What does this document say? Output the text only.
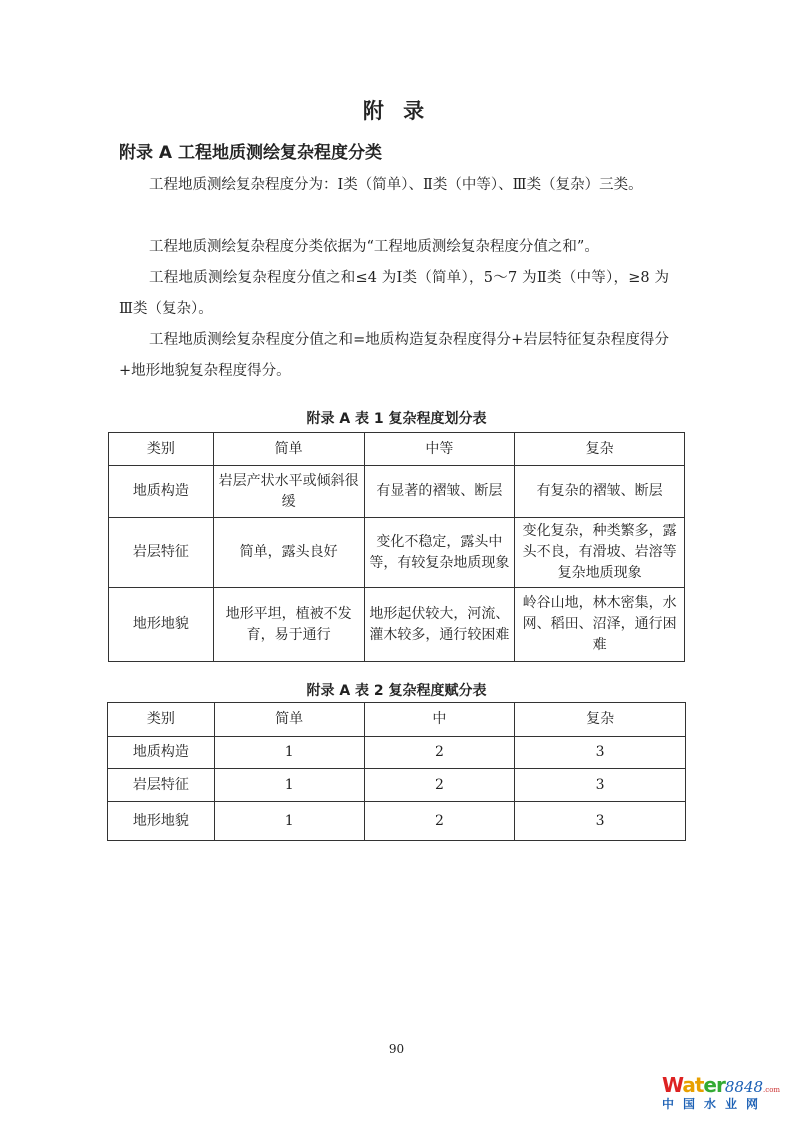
附 录
附录 A 工程地质测绘复杂程度分类
工程地质测绘复杂程度分为：Ⅰ类（简单）、Ⅱ类（中等）、Ⅲ类（复杂）三类。
工程地质测绘复杂程度分类依据为“工程地质测绘复杂程度分值之和”。
工程地质测绘复杂程度分值之和≤4 为Ⅰ类（简单），5～7 为Ⅱ类（中等），≥8 为Ⅲ类（复杂）。
工程地质测绘复杂程度分值之和=地质构造复杂程度得分+岩层特征复杂程度得分+地形地貌复杂程度得分。
附录 A 表 1 复杂程度划分表
类别	简单	中等	复杂
地质构造	岩层产状水平或倾斜很缓	有显著的褶皱、断层	有复杂的褶皱、断层
岩层特征	简单，露头良好	变化不稳定，露头中等，有较复杂地质现象	变化复杂，种类繁多，露头不良，有滑坡、岩溶等复杂地质现象
地形地貌	地形平坦，植被不发育，易于通行	地形起伏较大，河流、灌木较多，通行较困难	岭谷山地，林木密集，水网、稻田、沼泽，通行困难
附录 A 表 2 复杂程度赋分表
类别	简单	中	复杂
地质构造	1	2	3
岩层特征	1	2	3
地形地貌	1	2	3
90
Water8848.com
中国水业网
